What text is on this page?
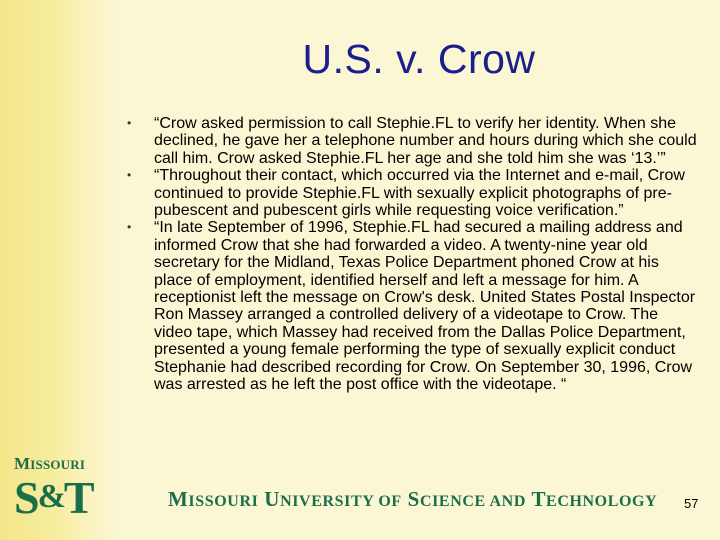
U.S. v. Crow
• “Crow asked permission to call Stephie.FL to verify her identity. When she declined, he gave her a telephone number and hours during which she could call him. Crow asked Stephie.FL her age and she told him she was ‘13.’”
• “Throughout their contact, which occurred via the Internet and e-mail, Crow continued to provide Stephie.FL with sexually explicit photographs of pre-pubescent and pubescent girls while requesting voice verification.”
• “In late September of 1996, Stephie.FL had secured a mailing address and informed Crow that she had forwarded a video. A twenty-nine year old secretary for the Midland, Texas Police Department phoned Crow at his place of employment, identified herself and left a message for him. A receptionist left the message on Crow's desk. United States Postal Inspector Ron Massey arranged a controlled delivery of a videotape to Crow. The video tape, which Massey had received from the Dallas Police Department, presented a young female performing the type of sexually explicit conduct Stephanie had described recording for Crow. On September 30, 1996, Crow was arrested as he left the post office with the videotape. “
MISSOURI
S&T	MISSOURI UNIVERSITY OF SCIENCE AND TECHNOLOGY 57
